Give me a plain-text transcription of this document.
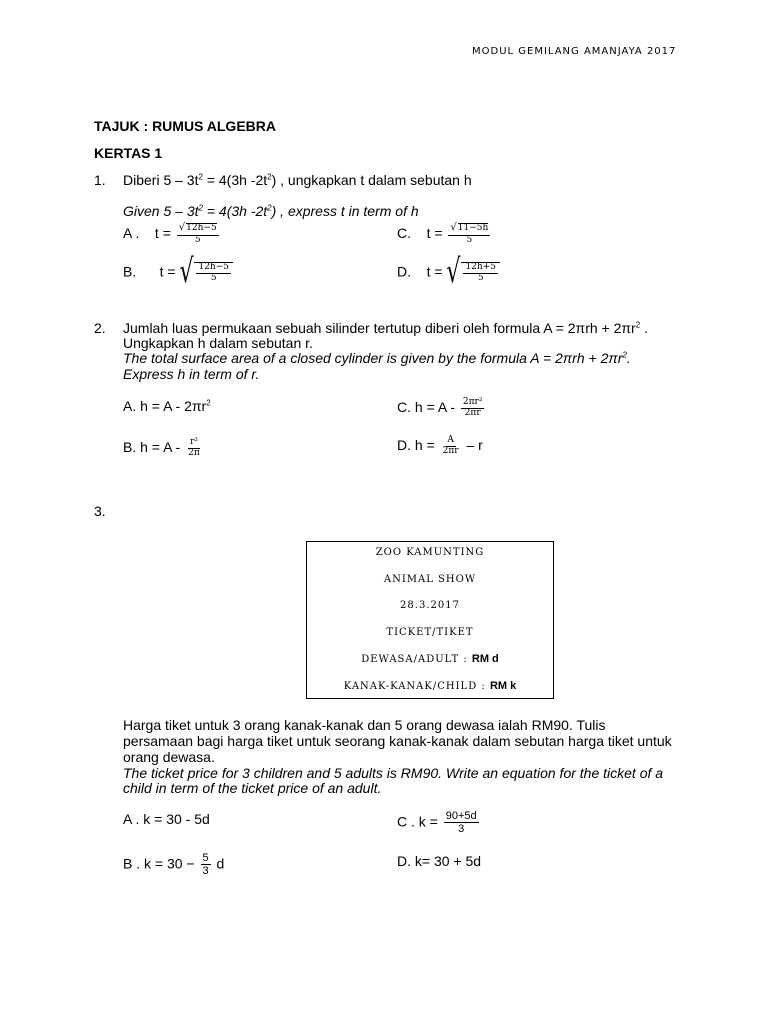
MODUL GEMILANG AMANJAYA 2017
TAJUK : RUMUS ALGEBRA
KERTAS 1
1. Diberi $5 - 3t^2 = 4(3h$ $-2t^2$) , ungkapkan t dalam sebutan h
Given $5 - 3t^2 = 4(3h$ $-2t^2$) , express t in term of h
A . $t = \frac{√ 12h-5}{5}$	C. $t = \frac{√ 11-5h}{5}$
B. t = √ $\frac{12h-5}{5}$	D. t = √ $\frac{12h+5}{5}$
2. Jumlah luas permukaan sebuah silinder tertutup diberi oleh formula $A = 2\pi rh + 2\pi r^2$ .
Ungkapkan h dalam sebutan r.
The total surface area of a closed cylinder is given by the formula $A = 2\pi rh + 2\pi r^2$.
Express h in term of r.
A. $h = A - 2\pi r^2$	C. $h = A - \frac{\text{2πr²}}{2\pi r}$
B. $h = A - \frac{\text{r²}}{2\pi}$	D. $h = \frac{A}{2\pi r} - r$
3.
ZOO KAMUNTING
ANIMAL SHOW
28.3.2017
TICKET/TIKET
DEWASA/ADULT : RM d
KANAK-KANAK/CHILD : RM k
Harga tiket untuk 3 orang kanak-kanak dan 5 orang dewasa ialah RM90. Tulis
persamaan bagi harga tiket untuk seorang kanak-kanak dalam sebutan harga tiket untuk
orang dewasa.
The ticket price for 3 children and 5 adults is RM90. Write an equation for the ticket of a
child in term of the ticket price of an adult.
A . k = 30 - 5d	C . $k = \frac{90+5d}{3}$
B . $k = 30 - \frac{5}{3}$ d	D. k= 30 + 5d
